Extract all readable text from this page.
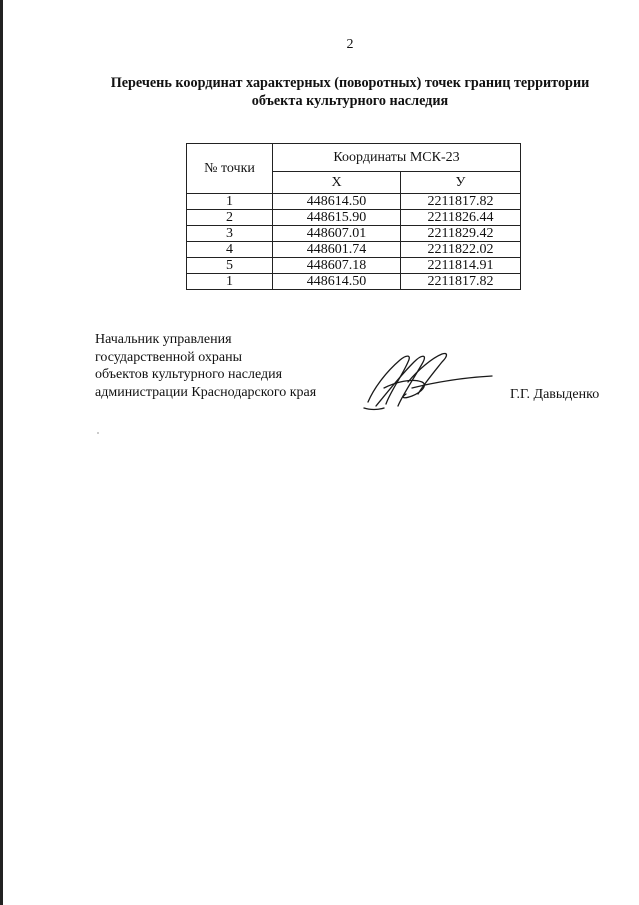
2
Перечень координат характерных (поворотных) точек границ территории
объекта культурного наследия
№ точки	Координаты МСК-23	
	X	У
1	448614.50	2211817.82
2	448615.90	2211826.44
3	448607.01	2211829.42
4	448601.74	2211822.02
5	448607.18	2211814.91
1	448614.50	2211817.82
Начальник управления
государственной охраны
объектов культурного наследия
администрации Краснодарского края	Г.Г. Давыденко
